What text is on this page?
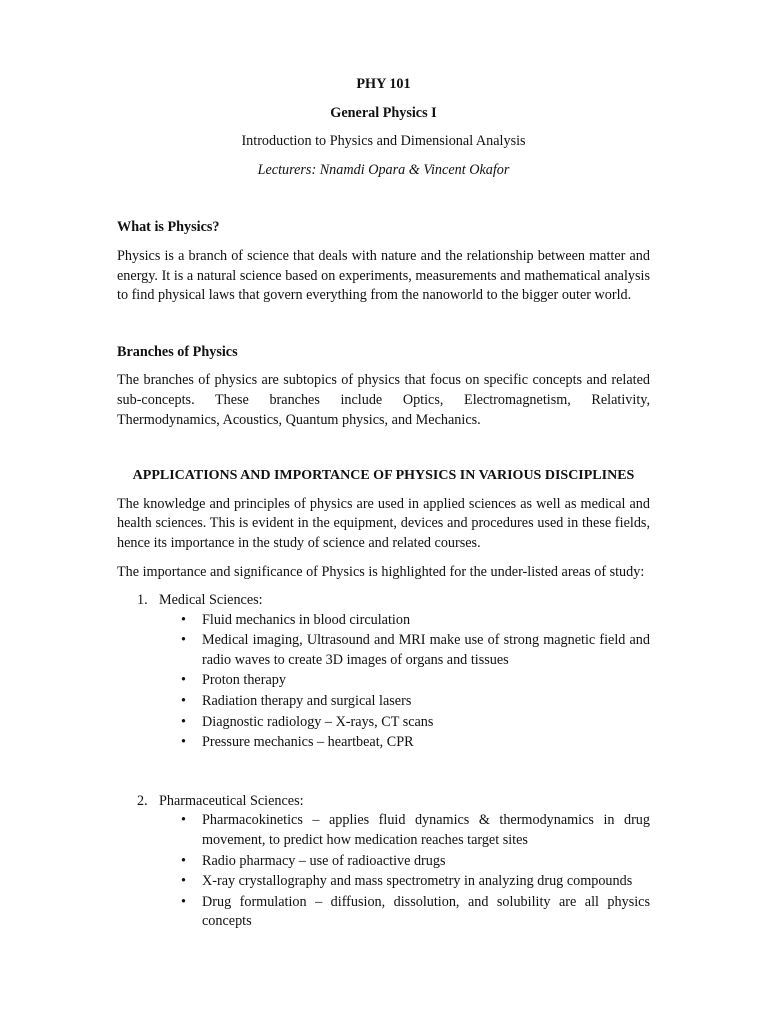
PHY 101
General Physics I
Introduction to Physics and Dimensional Analysis
Lecturers: Nnamdi Opara & Vincent Okafor
What is Physics?
Physics is a branch of science that deals with nature and the relationship between matter and energy. It is a natural science based on experiments, measurements and mathematical analysis to find physical laws that govern everything from the nanoworld to the bigger outer world.
Branches of Physics
The branches of physics are subtopics of physics that focus on specific concepts and related sub-concepts. These branches include Optics, Electromagnetism, Relativity, Thermodynamics, Acoustics, Quantum physics, and Mechanics.
APPLICATIONS AND IMPORTANCE OF PHYSICS IN VARIOUS DISCIPLINES
The knowledge and principles of physics are used in applied sciences as well as medical and health sciences. This is evident in the equipment, devices and procedures used in these fields, hence its importance in the study of science and related courses.
The importance and significance of Physics is highlighted for the under-listed areas of study:
1. Medical Sciences:
• Fluid mechanics in blood circulation
• Medical imaging, Ultrasound and MRI make use of strong magnetic field and radio waves to create 3D images of organs and tissues
• Proton therapy
• Radiation therapy and surgical lasers
• Diagnostic radiology – X-rays, CT scans
• Pressure mechanics – heartbeat, CPR
2. Pharmaceutical Sciences:
• Pharmacokinetics – applies fluid dynamics & thermodynamics in drug movement, to predict how medication reaches target sites
• Radio pharmacy – use of radioactive drugs
• X-ray crystallography and mass spectrometry in analyzing drug compounds
• Drug formulation – diffusion, dissolution, and solubility are all physics concepts
